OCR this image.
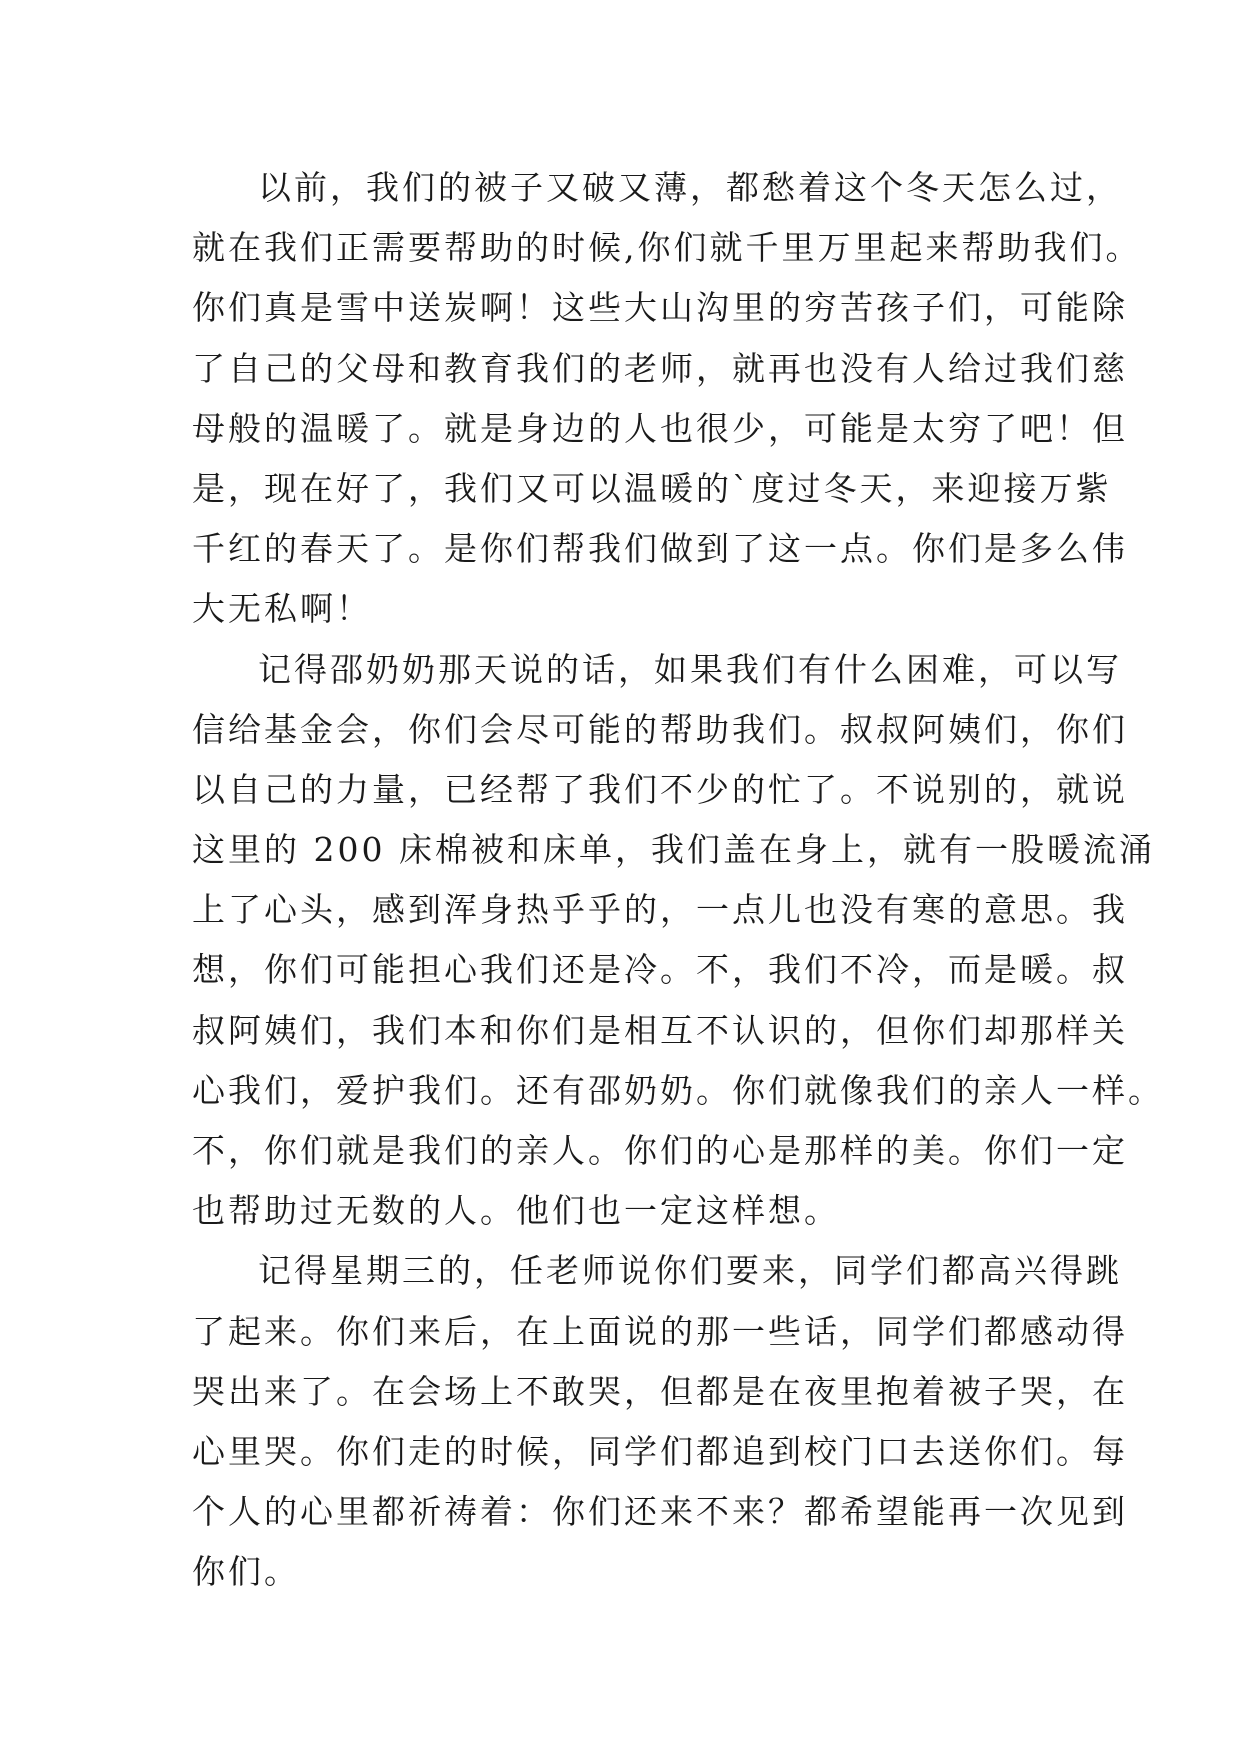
以前，我们的被子又破又薄，都愁着这个冬天怎么过，
就在我们正需要帮助的时候,你们就千里万里起来帮助我们。
你们真是雪中送炭啊！这些大山沟里的穷苦孩子们，可能除
了自己的父母和教育我们的老师，就再也没有人给过我们慈
母般的温暖了。就是身边的人也很少，可能是太穷了吧！但
是，现在好了，我们又可以温暖的`度过冬天，来迎接万紫
千红的春天了。是你们帮我们做到了这一点。你们是多么伟
大无私啊！
记得邵奶奶那天说的话，如果我们有什么困难，可以写
信给基金会，你们会尽可能的帮助我们。叔叔阿姨们，你们
以自己的力量，已经帮了我们不少的忙了。不说别的，就说
这里的 200 床棉被和床单，我们盖在身上，就有一股暖流涌
上了心头，感到浑身热乎乎的，一点儿也没有寒的意思。我
想，你们可能担心我们还是冷。不，我们不冷，而是暖。叔
叔阿姨们，我们本和你们是相互不认识的，但你们却那样关
心我们，爱护我们。还有邵奶奶。你们就像我们的亲人一样。
不，你们就是我们的亲人。你们的心是那样的美。你们一定
也帮助过无数的人。他们也一定这样想。
记得星期三的，任老师说你们要来，同学们都高兴得跳
了起来。你们来后，在上面说的那一些话，同学们都感动得
哭出来了。在会场上不敢哭，但都是在夜里抱着被子哭，在
心里哭。你们走的时候，同学们都追到校门口去送你们。每
个人的心里都祈祷着：你们还来不来？都希望能再一次见到
你们。
